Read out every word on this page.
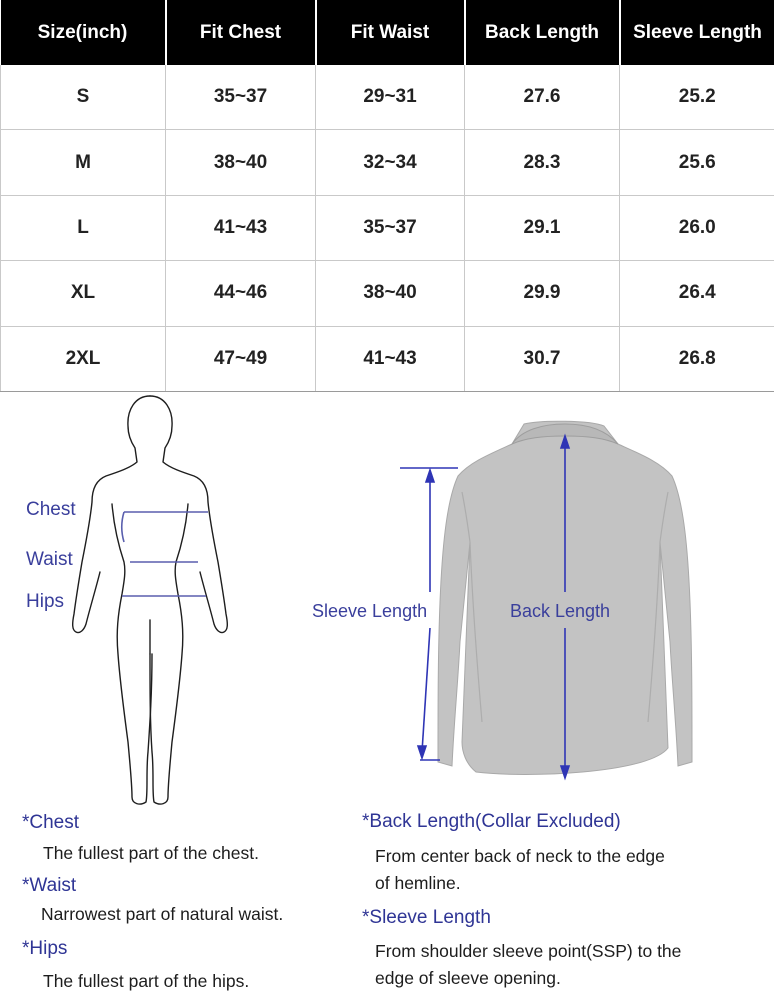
Size(inch)	Fit Chest	Fit Waist	Back Length	Sleeve Length
S	35~37	29~31	27.6	25.2
M	38~40	32~34	28.3	25.6
L	41~43	35~37	29.1	26.0
XL	44~46	38~40	29.9	26.4
2XL	47~49	41~43	30.7	26.8
Chest
Waist
Hips	Sleeve Length	Back Length
*Chest
The fullest part of the chest.
*Waist
Narrowest part of natural waist.
*Hips
The fullest part of the hips.
*Back Length(Collar Excluded)
From center back of neck to the edge
of hemline.
*Sleeve Length
From shoulder sleeve point(SSP) to the
edge of sleeve opening.
